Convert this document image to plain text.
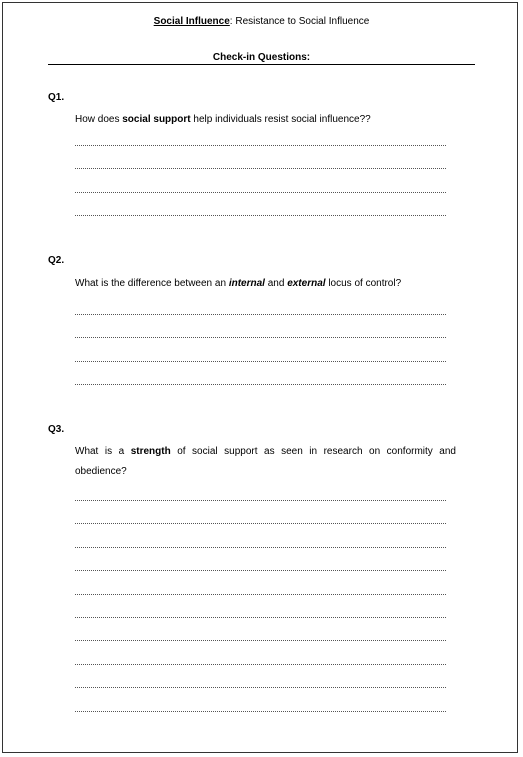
Social Influence: Resistance to Social Influence
Check-in Questions:
Q1.
How does social support help individuals resist social influence??
Q2.
What is the difference between an internal and external locus of control?
Q3.
What is a strength of social support as seen in research on conformity and
obedience?
